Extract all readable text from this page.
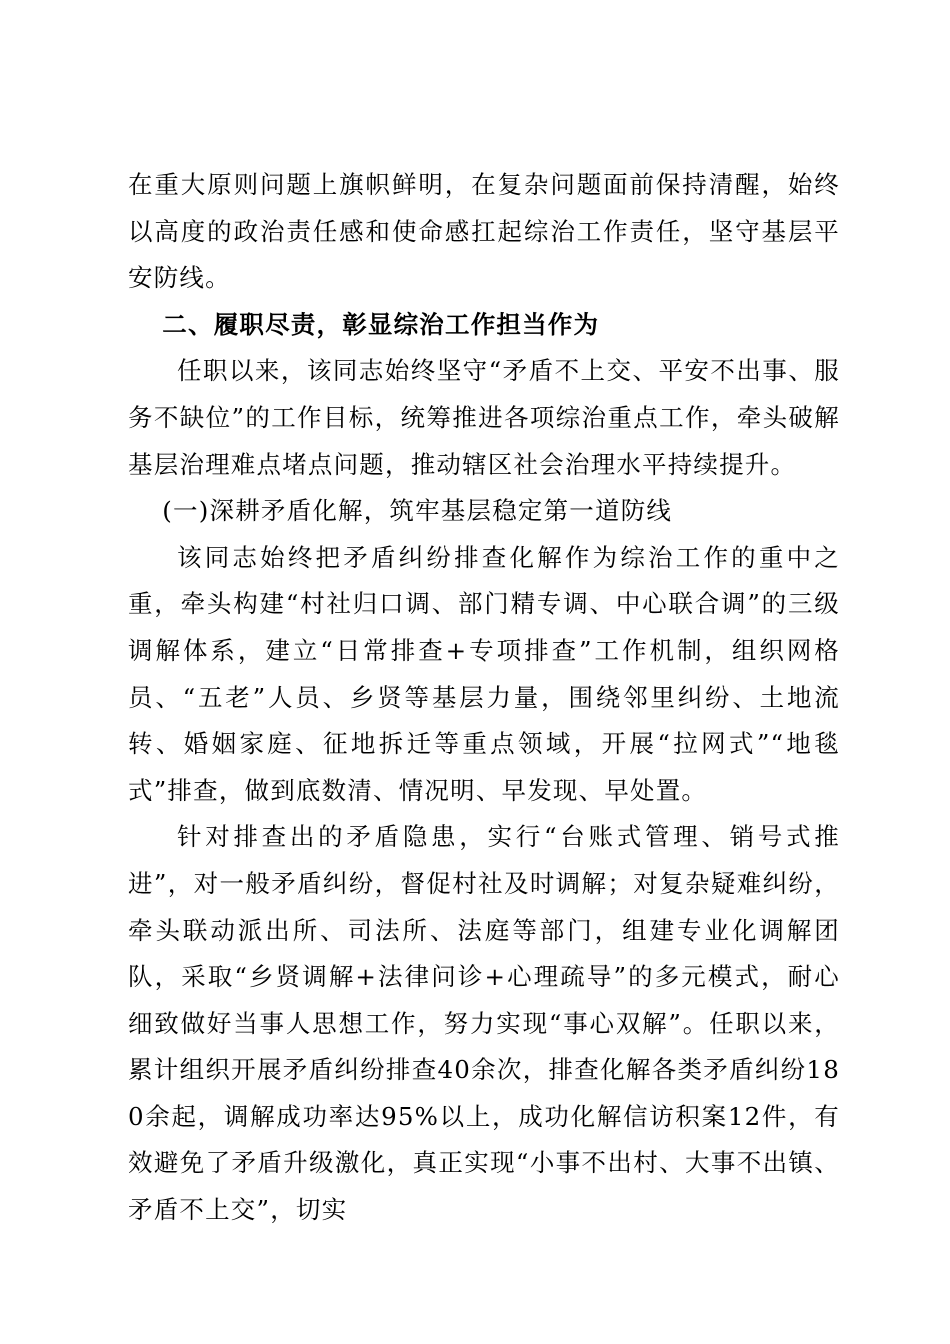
在重大原则问题上旗帜鲜明，在复杂问题面前保持清醒，始终以高度的政治责任感和使命感扛起综治工作责任，坚守基层平安防线。

二、履职尽责，彰显综治工作担当作为

任职以来，该同志始终坚守“矛盾不上交、平安不出事、服务不缺位”的工作目标，统筹推进各项综治重点工作，牵头破解基层治理难点堵点问题，推动辖区社会治理水平持续提升。

(一)深耕矛盾化解，筑牢基层稳定第一道防线

该同志始终把矛盾纠纷排查化解作为综治工作的重中之重，牵头构建“村社归口调、部门精专调、中心联合调”的三级调解体系，建立“日常排查+专项排查”工作机制，组织网格员、“五老”人员、乡贤等基层力量，围绕邻里纠纷、土地流转、婚姻家庭、征地拆迁等重点领域，开展“拉网式”“地毯式”排查，做到底数清、情况明、早发现、早处置。

针对排查出的矛盾隐患，实行“台账式管理、销号式推进”，对一般矛盾纠纷，督促村社及时调解；对复杂疑难纠纷，牵头联动派出所、司法所、法庭等部门，组建专业化调解团队，采取“乡贤调解+法律问诊+心理疏导”的多元模式，耐心细致做好当事人思想工作，努力实现“事心双解”。任职以来，累计组织开展矛盾纠纷排查40余次，排查化解各类矛盾纠纷180余起，调解成功率达95%以上，成功化解信访积案12件，有效避免了矛盾升级激化，真正实现“小事不出村、大事不出镇、矛盾不上交”，切实
